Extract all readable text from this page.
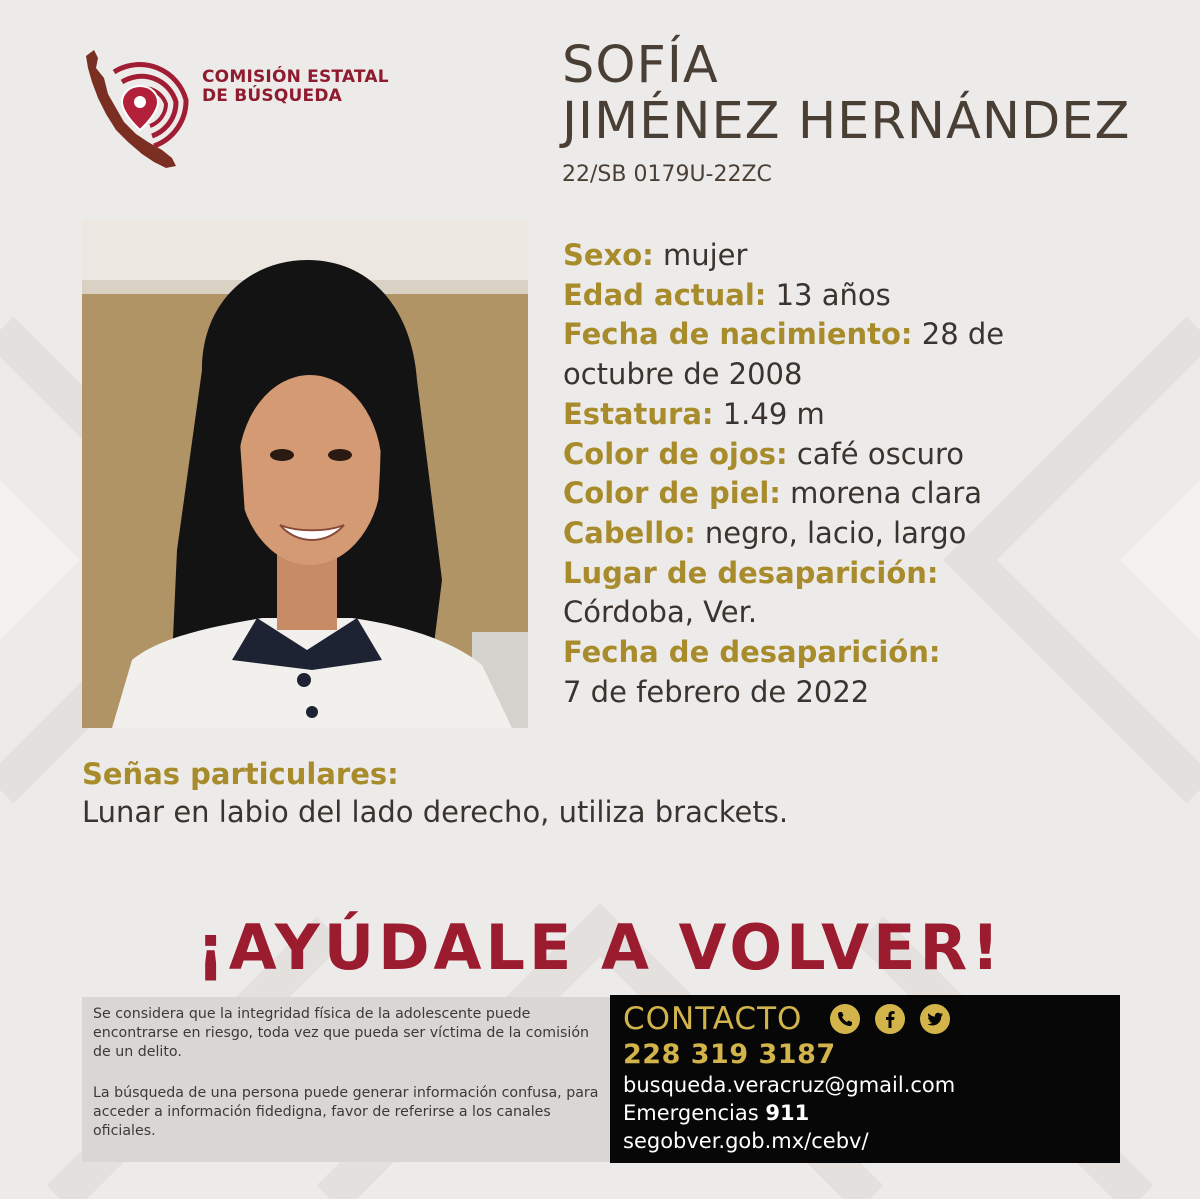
COMISIÓN ESTATAL
DE BÚSQUEDA
SOFÍA
JIMÉNEZ HERNÁNDEZ
22/SB 0179U-22ZC
Sexo: mujer
Edad actual: 13 años
Fecha de nacimiento: 28 de octubre de 2008
Estatura: 1.49 m
Color de ojos: café oscuro
Color de piel: morena clara
Cabello: negro, lacio, largo
Lugar de desaparición:
Córdoba, Ver.
Fecha de desaparición:
7 de febrero de 2022
Señas particulares:
Lunar en labio del lado derecho, utiliza brackets.
¡AYÚDALE A VOLVER!

Se considera que la integridad física de la adolescente puede encontrarse en riesgo, toda vez que pueda ser víctima de la comisión de un delito.

La búsqueda de una persona puede generar información confusa, para acceder a información fidedigna, favor de referirse a los canales oficiales.

CONTACTO
228 319 3187
busqueda.veracruz@gmail.com
Emergencias 911
segobver.gob.mx/cebv/
